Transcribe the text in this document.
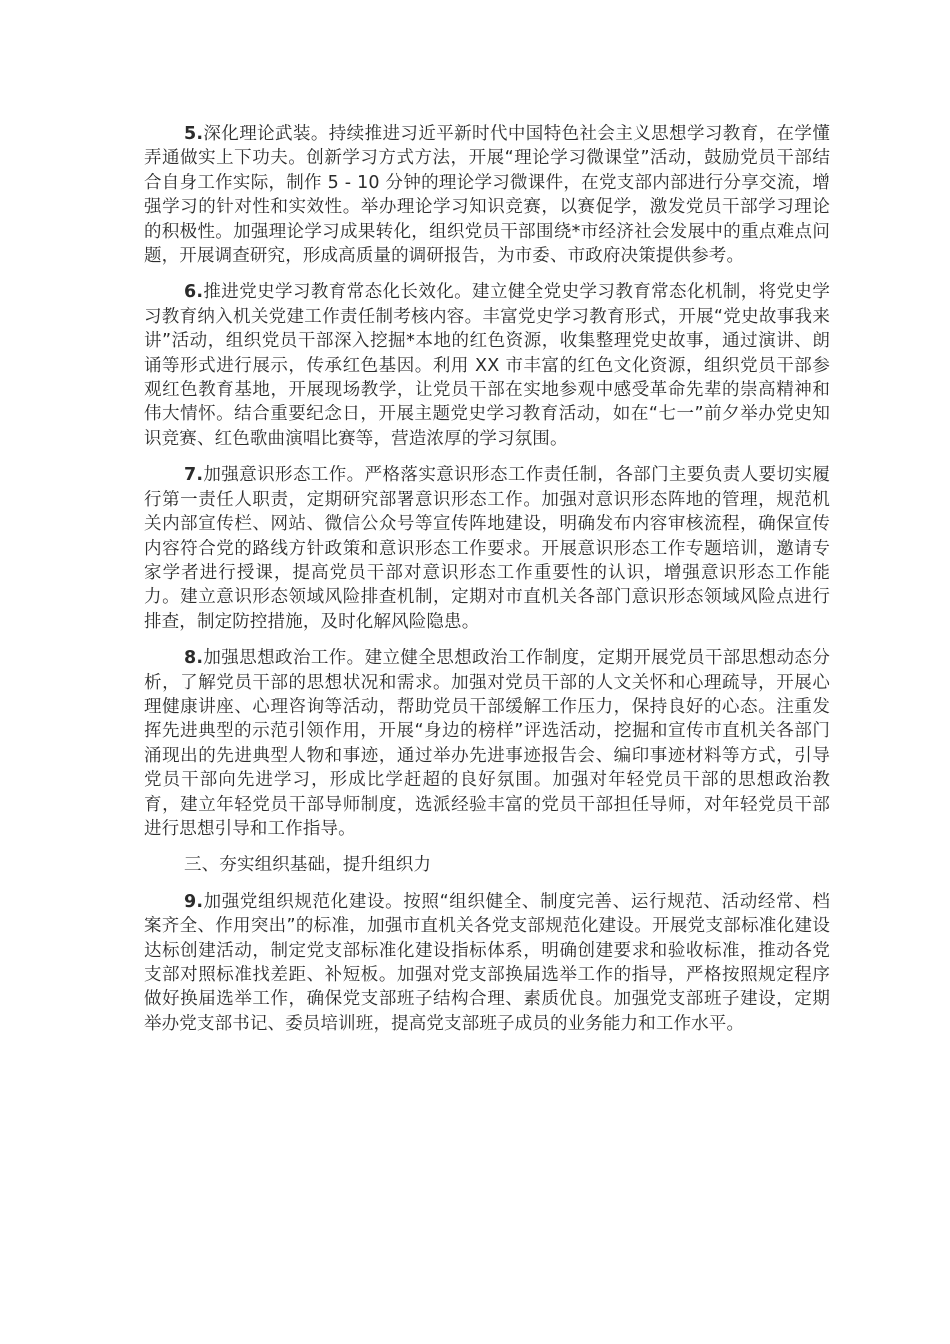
5.深化理论武装。持续推进习近平新时代中国特色社会主义思想学习教育，在学懂弄通做实上下功夫。创新学习方式方法，开展“理论学习微课堂”活动，鼓励党员干部结合自身工作实际，制作 5 - 10 分钟的理论学习微课件，在党支部内部进行分享交流，增强学习的针对性和实效性。举办理论学习知识竞赛，以赛促学，激发党员干部学习理论的积极性。加强理论学习成果转化，组织党员干部围绕*市经济社会发展中的重点难点问题，开展调查研究，形成高质量的调研报告，为市委、市政府决策提供参考。

6.推进党史学习教育常态化长效化。建立健全党史学习教育常态化机制，将党史学习教育纳入机关党建工作责任制考核内容。丰富党史学习教育形式，开展“党史故事我来讲”活动，组织党员干部深入挖掘*本地的红色资源，收集整理党史故事，通过演讲、朗诵等形式进行展示，传承红色基因。利用 XX 市丰富的红色文化资源，组织党员干部参观红色教育基地，开展现场教学，让党员干部在实地参观中感受革命先辈的崇高精神和伟大情怀。结合重要纪念日，开展主题党史学习教育活动，如在“七一”前夕举办党史知识竞赛、红色歌曲演唱比赛等，营造浓厚的学习氛围。

7.加强意识形态工作。严格落实意识形态工作责任制，各部门主要负责人要切实履行第一责任人职责，定期研究部署意识形态工作。加强对意识形态阵地的管理，规范机关内部宣传栏、网站、微信公众号等宣传阵地建设，明确发布内容审核流程，确保宣传内容符合党的路线方针政策和意识形态工作要求。开展意识形态工作专题培训，邀请专家学者进行授课，提高党员干部对意识形态工作重要性的认识，增强意识形态工作能力。建立意识形态领域风险排查机制，定期对市直机关各部门意识形态领域风险点进行排查，制定防控措施，及时化解风险隐患。

8.加强思想政治工作。建立健全思想政治工作制度，定期开展党员干部思想动态分析，了解党员干部的思想状况和需求。加强对党员干部的人文关怀和心理疏导，开展心理健康讲座、心理咨询等活动，帮助党员干部缓解工作压力，保持良好的心态。注重发挥先进典型的示范引领作用，开展“身边的榜样”评选活动，挖掘和宣传市直机关各部门涌现出的先进典型人物和事迹，通过举办先进事迹报告会、编印事迹材料等方式，引导党员干部向先进学习，形成比学赶超的良好氛围。加强对年轻党员干部的思想政治教育，建立年轻党员干部导师制度，选派经验丰富的党员干部担任导师，对年轻党员干部进行思想引导和工作指导。

三、夯实组织基础，提升组织力

9.加强党组织规范化建设。按照“组织健全、制度完善、运行规范、活动经常、档案齐全、作用突出”的标准，加强市直机关各党支部规范化建设。开展党支部标准化建设达标创建活动，制定党支部标准化建设指标体系，明确创建要求和验收标准，推动各党支部对照标准找差距、补短板。加强对党支部换届选举工作的指导，严格按照规定程序做好换届选举工作，确保党支部班子结构合理、素质优良。加强党支部班子建设，定期举办党支部书记、委员培训班，提高党支部班子成员的业务能力和工作水平。
